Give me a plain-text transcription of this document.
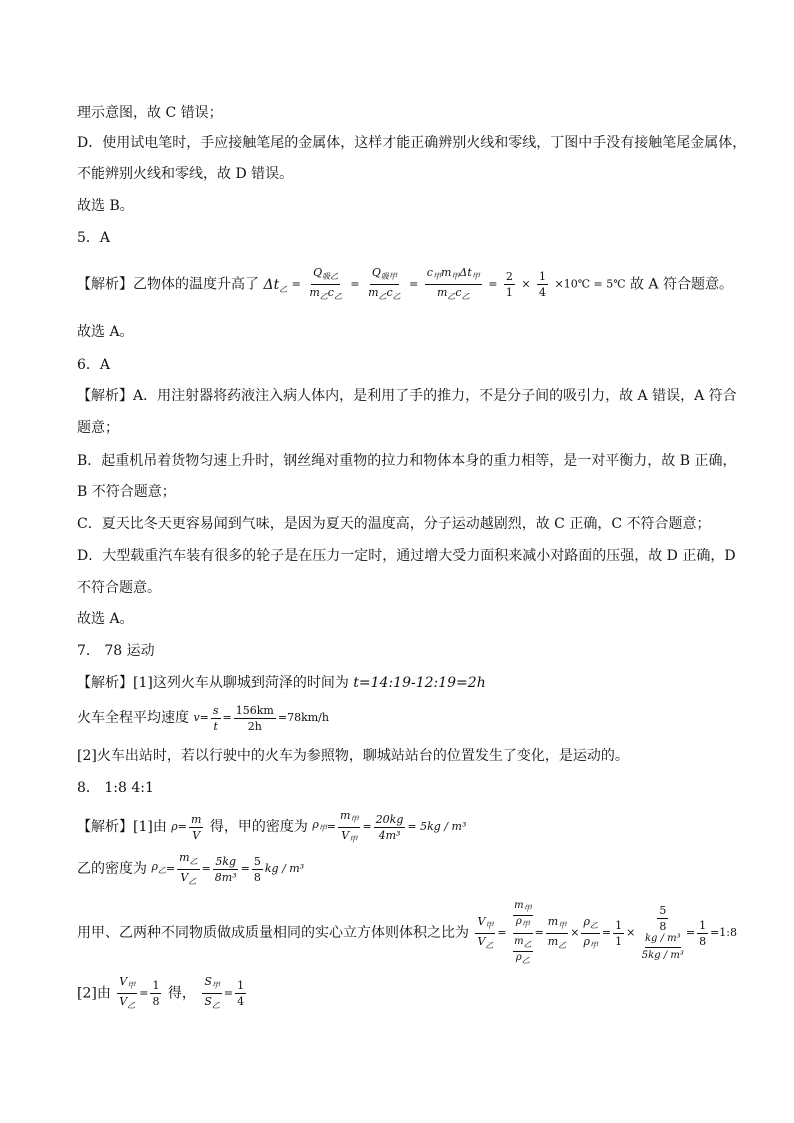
理示意图，故 C 错误；
D．使用试电笔时，手应接触笔尾的金属体，这样才能正确辨别火线和零线，丁图中手没有接触笔尾金属体，
不能辨别火线和零线，故 D 错误。
故选 B。
5．A
【解析】乙物体的温度升高了 $\Delta t_乙 = \frac{Q_{吸乙}}{m_乙c_乙} = \frac{Q_{吸甲}}{m_乙c_乙} = \frac{c_甲m_甲\Delta t_甲}{m_乙c_乙} = \frac{2}{1} \times \frac{1}{4}$ ×10℃ = 5℃ 故 A 符合题意。
故选 A。
6．A
【解析】A．用注射器将药液注入病人体内，是利用了手的推力，不是分子间的吸引力，故 A 错误，A 符合
题意；
B．起重机吊着货物匀速上升时，钢丝绳对重物的拉力和物体本身的重力相等，是一对平衡力，故 B 正确，
B 不符合题意；
C．夏天比冬天更容易闻到气味，是因为夏天的温度高，分子运动越剧烈，故 C 正确，C 不符合题意；
D．大型载重汽车装有很多的轮子是在压力一定时，通过增大受力面积来减小对路面的压强，故 D 正确，D
不符合题意。
故选 A。
7． 78 运动
【解析】[1]这列火车从聊城到菏泽的时间为 t=14:19-12:19=2h
火车全程平均速度 $v= \frac{s}{t} = \frac{156km}{2h} =78km/h$
[2]火车出站时，若以行驶中的火车为参照物，聊城站站台的位置发生了变化，是运动的。
8． 1:8 4:1
【解析】[1]由 $\rho= \frac{m}{V}$ 得，甲的密度为 $\rho_甲= \frac{m_甲}{V_甲} = \frac{20kg}{\text{4m³}} = 5kg / m^3$
乙的密度为 $\rho_乙= \frac{m_乙}{V_乙} = \frac{5kg}{\text{8m³}} = \frac{5}{8}$ kg / m³
用甲、乙两种不同物质做成质量相同的实心立方体则体积之比为 $\frac{V_甲}{V_乙}$ =
$m_甲$
$\rho_甲$
$m_乙$
$\rho_乙$
= $\frac{m_甲}{m_乙} \times \frac{\rho_乙}{\rho_甲} = \frac{1}{1} \times \frac{5}{8}$
kg / m³
$5kg / m^3 = \frac{1}{8}$ =1:8
[2]由 $\frac{V_甲}{V_乙} = \frac{1}{8}$ 得， $\frac{S_甲}{S_乙} = \frac{1}{4}$
